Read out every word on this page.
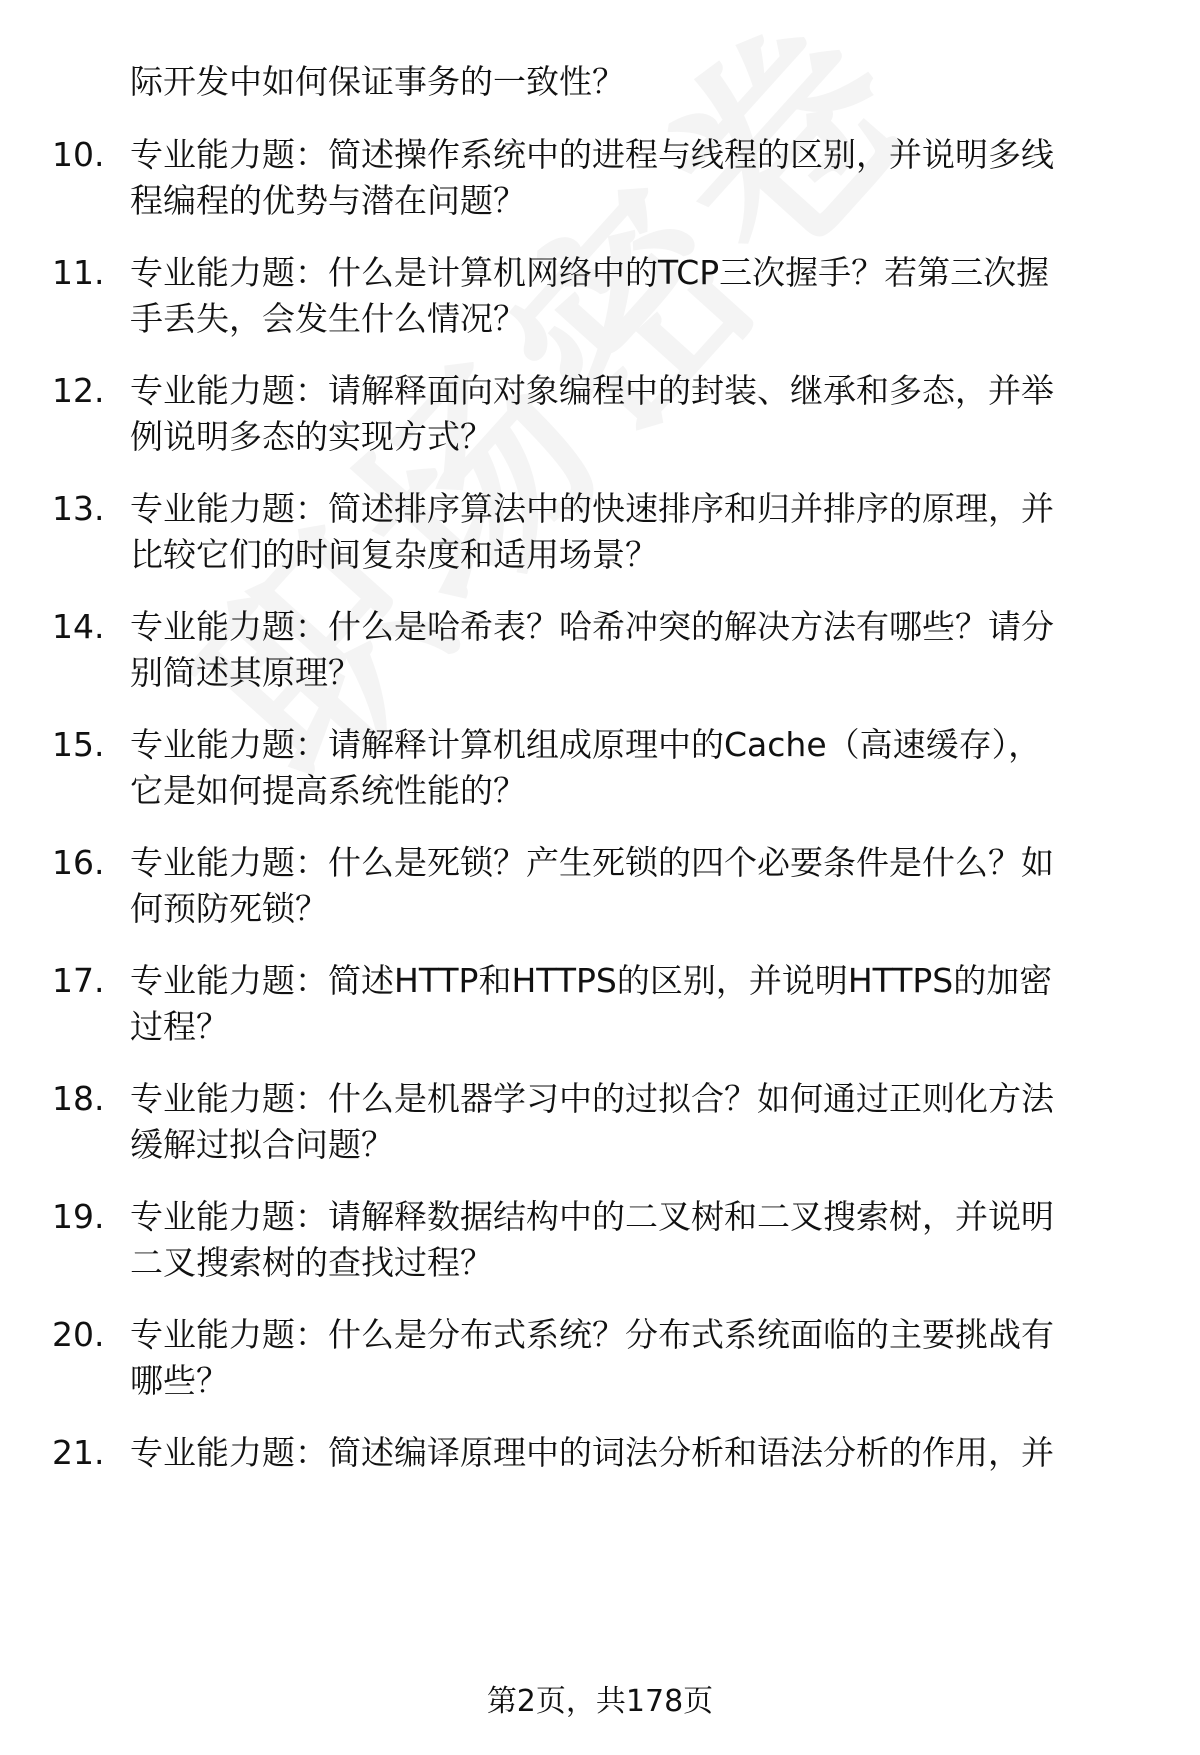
际开发中如何保证事务的一致性？
10. 专业能力题：简述操作系统中的进程与线程的区别，并说明多线
程编程的优势与潜在问题？
11. 专业能力题：什么是计算机网络中的TCP三次握手？若第三次握
手丢失，会发生什么情况？
12. 专业能力题：请解释面向对象编程中的封装、继承和多态，并举
例说明多态的实现方式？
13. 专业能力题：简述排序算法中的快速排序和归并排序的原理，并
比较它们的时间复杂度和适用场景？
14. 专业能力题：什么是哈希表？哈希冲突的解决方法有哪些？请分
别简述其原理？
15. 专业能力题：请解释计算机组成原理中的Cache（高速缓存），
它是如何提高系统性能的？
16. 专业能力题：什么是死锁？产生死锁的四个必要条件是什么？如
何预防死锁？
17. 专业能力题：简述HTTP和HTTPS的区别，并说明HTTPS的加密
过程？
18. 专业能力题：什么是机器学习中的过拟合？如何通过正则化方法
缓解过拟合问题？
19. 专业能力题：请解释数据结构中的二叉树和二叉搜索树，并说明
二叉搜索树的查找过程？
20. 专业能力题：什么是分布式系统？分布式系统面临的主要挑战有
哪些？
21. 专业能力题：简述编译原理中的词法分析和语法分析的作用，并
第2页，共178页
